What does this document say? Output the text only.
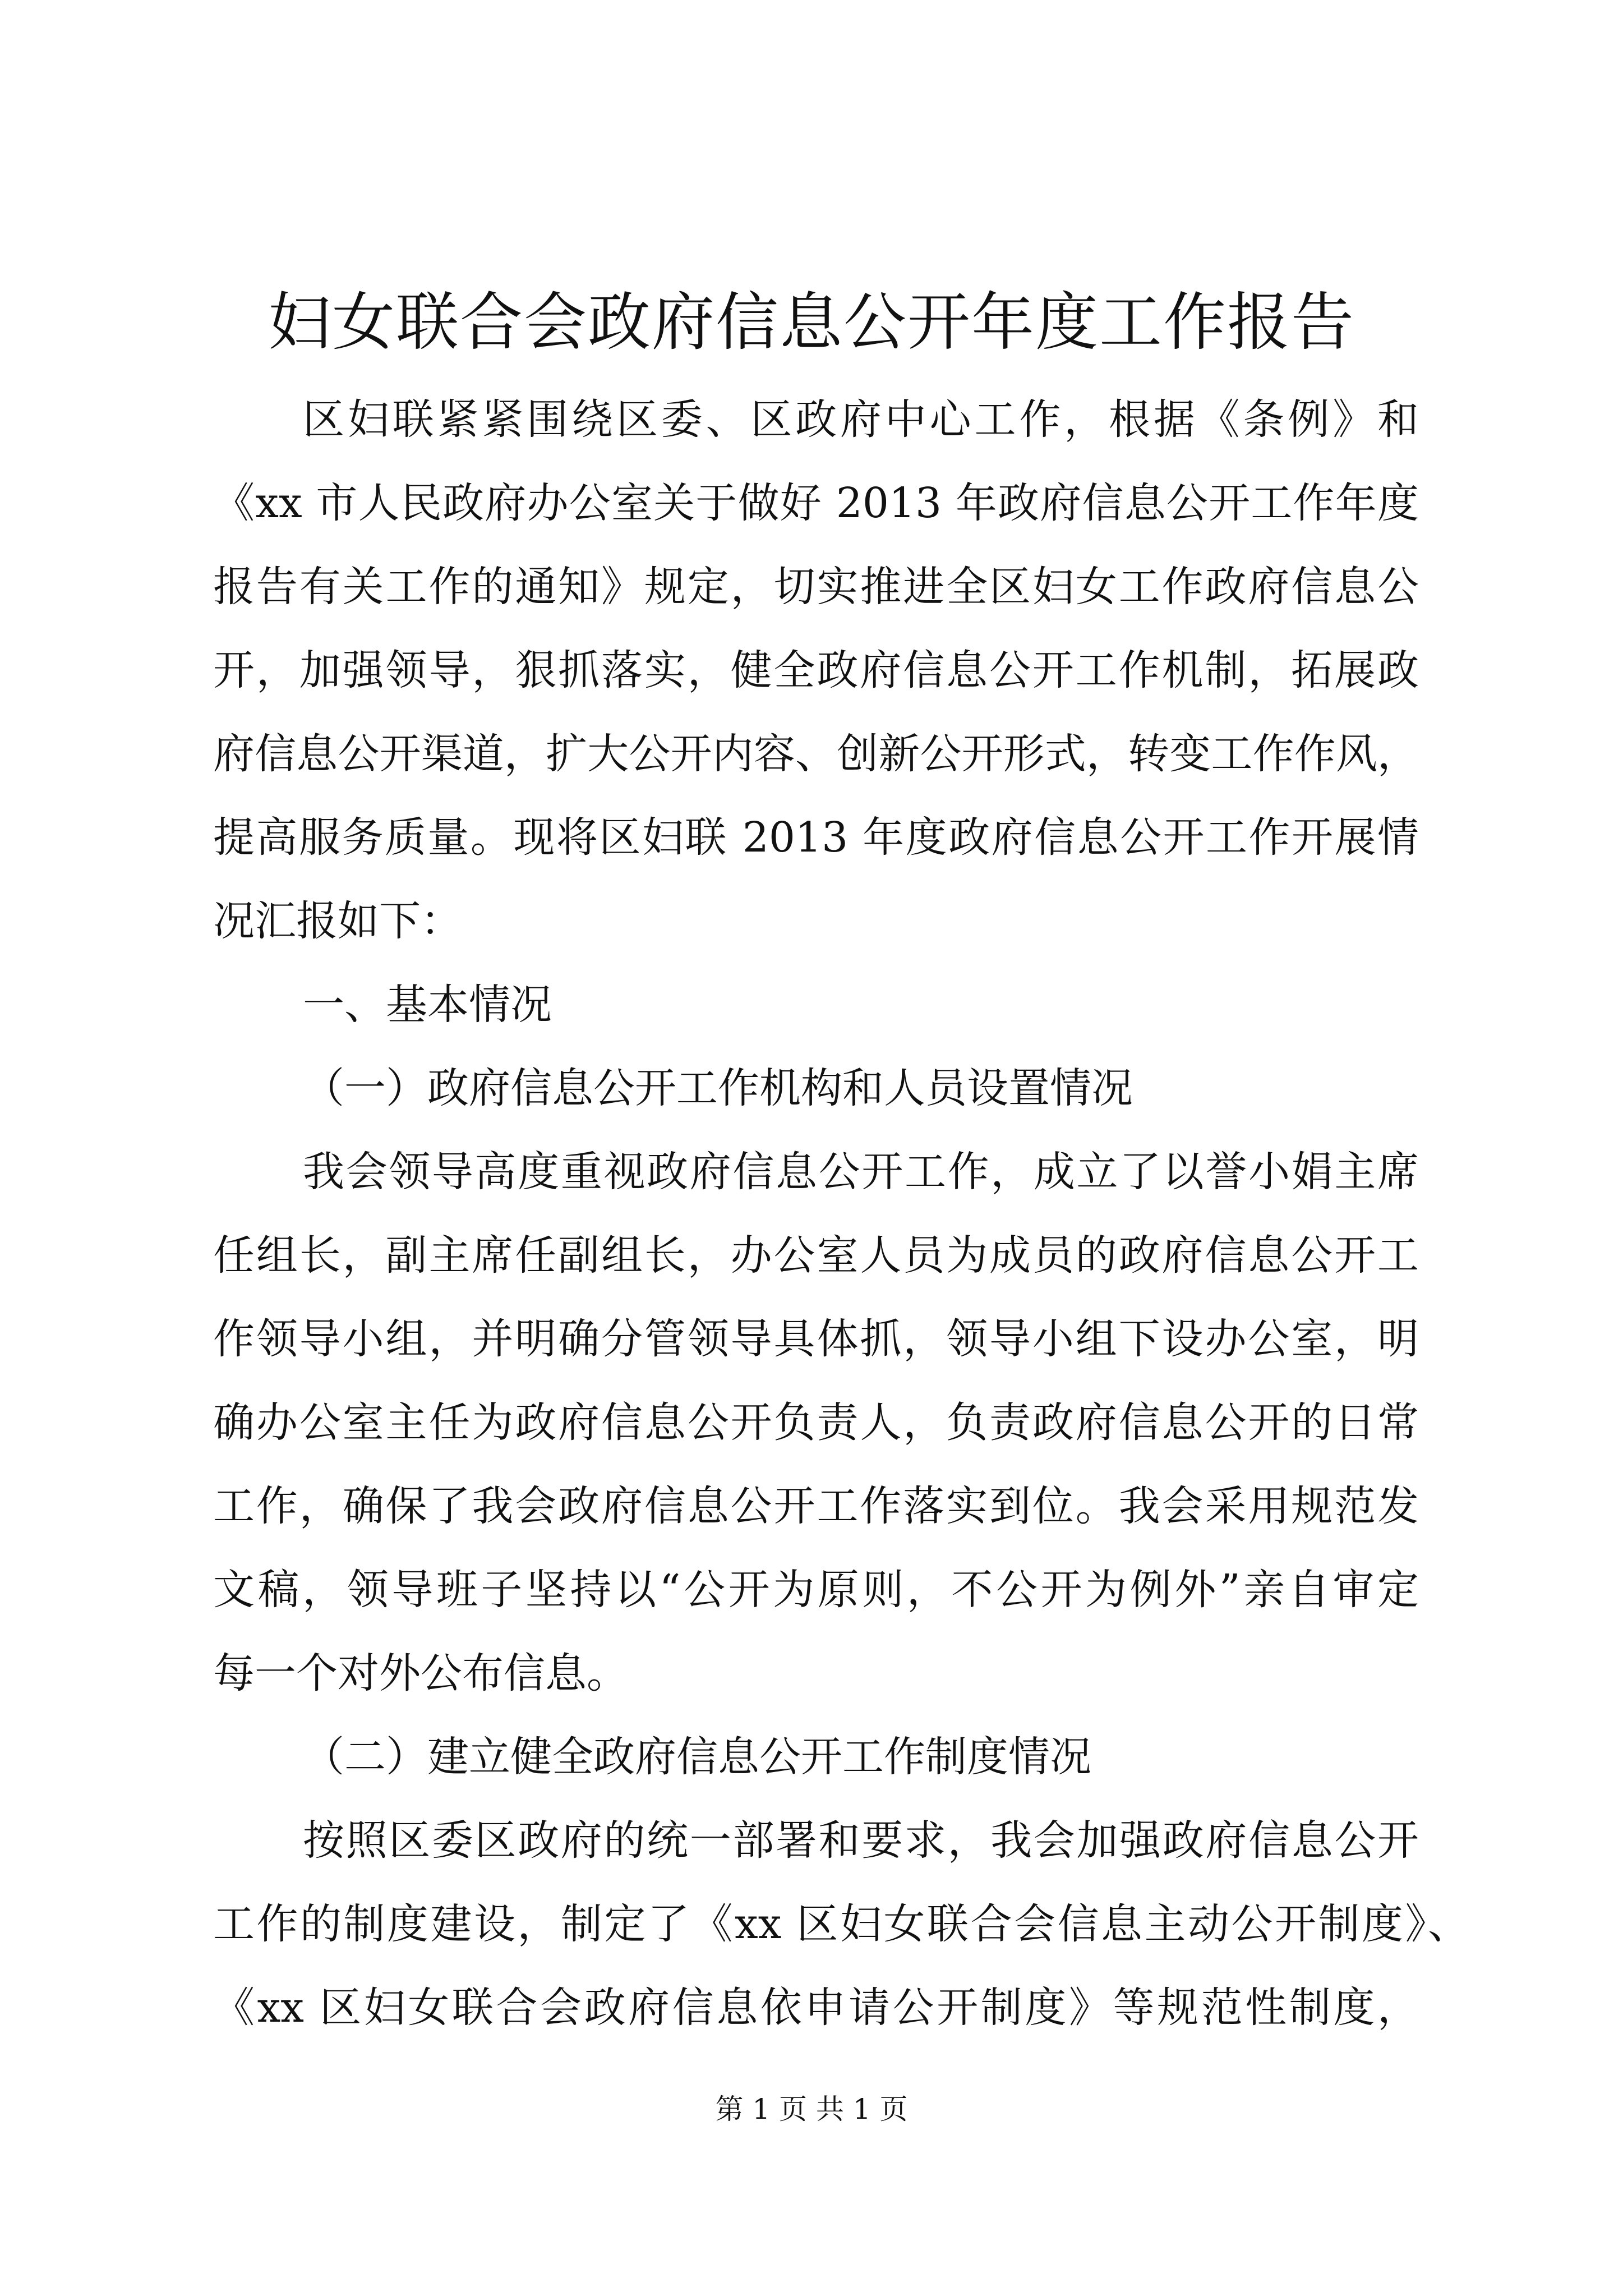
妇女联合会政府信息公开年度工作报告

区妇联紧紧围绕区委、区政府中心工作，根据《条例》和

《xx 市人民政府办公室关于做好 2013 年政府信息公开工作年度

报告有关工作的通知》规定，切实推进全区妇女工作政府信息公

开，加强领导，狠抓落实，健全政府信息公开工作机制，拓展政

府信息公开渠道，扩大公开内容、创新公开形式，转变工作作风，

提高服务质量。现将区妇联 2013 年度政府信息公开工作开展情

况汇报如下：

一、基本情况

（一）政府信息公开工作机构和人员设置情况

我会领导高度重视政府信息公开工作，成立了以誉小娟主席

任组长，副主席任副组长，办公室人员为成员的政府信息公开工

作领导小组，并明确分管领导具体抓，领导小组下设办公室，明

确办公室主任为政府信息公开负责人，负责政府信息公开的日常

工作，确保了我会政府信息公开工作落实到位。我会采用规范发

文稿，领导班子坚持以“公开为原则，不公开为例外”亲自审定

每一个对外公布信息。

（二）建立健全政府信息公开工作制度情况

按照区委区政府的统一部署和要求，我会加强政府信息公开

工作的制度建设，制定了《xx 区妇女联合会信息主动公开制度》、

《xx 区妇女联合会政府信息依申请公开制度》等规范性制度，

第 1 页 共 1 页
